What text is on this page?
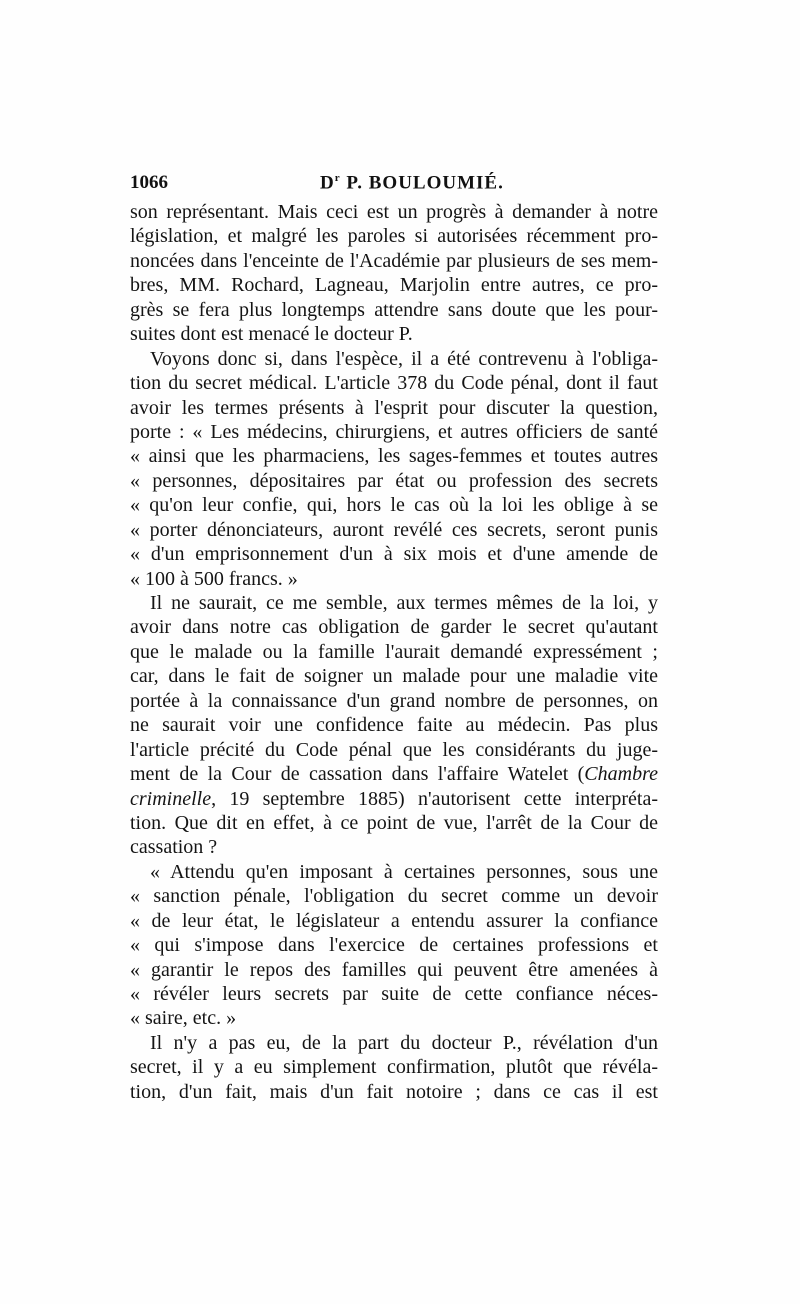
1066	$D^r$ P. BOULOUMIÉ.
son représentant. Mais ceci est un progrès à demander à notre
législation, et malgré les paroles si autorisées récemment pro-
noncées dans l'enceinte de l'Académie par plusieurs de ses mem-
bres, MM. Rochard, Lagneau, Marjolin entre autres, ce pro-
grès se fera plus longtemps attendre sans doute que les pour-
suites dont est menacé le docteur P.
Voyons donc si, dans l'espèce, il a été contrevenu à l'obliga-
tion du secret médical. L'article 378 du Code pénal, dont il faut
avoir les termes présents à l'esprit pour discuter la question,
porte : « Les médecins, chirurgiens, et autres officiers de santé
« ainsi que les pharmaciens, les sages-femmes et toutes autres
« personnes, dépositaires par état ou profession des secrets
« qu'on leur confie, qui, hors le cas où la loi les oblige à se
« porter dénonciateurs, auront revélé ces secrets, seront punis
« d'un emprisonnement d'un à six mois et d'une amende de
« 100 à 500 francs. »
Il ne saurait, ce me semble, aux termes mêmes de la loi, y
avoir dans notre cas obligation de garder le secret qu'autant
que le malade ou la famille l'aurait demandé expressément ;
car, dans le fait de soigner un malade pour une maladie vite
portée à la connaissance d'un grand nombre de personnes, on
ne saurait voir une confidence faite au médecin. Pas plus
l'article précité du Code pénal que les considérants du juge-
ment de la Cour de cassation dans l'affaire Watelet (Chambre
criminelle, 19 septembre 1885) n'autorisent cette interpréta-
tion. Que dit en effet, à ce point de vue, l'arrêt de la Cour de
cassation ?
« Attendu qu'en imposant à certaines personnes, sous une
« sanction pénale, l'obligation du secret comme un devoir
« de leur état, le législateur a entendu assurer la confiance
« qui s'impose dans l'exercice de certaines professions et
« garantir le repos des familles qui peuvent être amenées à
« révéler leurs secrets par suite de cette confiance néces-
« saire, etc. »
Il n'y a pas eu, de la part du docteur P., révélation d'un
secret, il y a eu simplement confirmation, plutôt que révéla-
tion, d'un fait, mais d'un fait notoire ; dans ce cas il est
